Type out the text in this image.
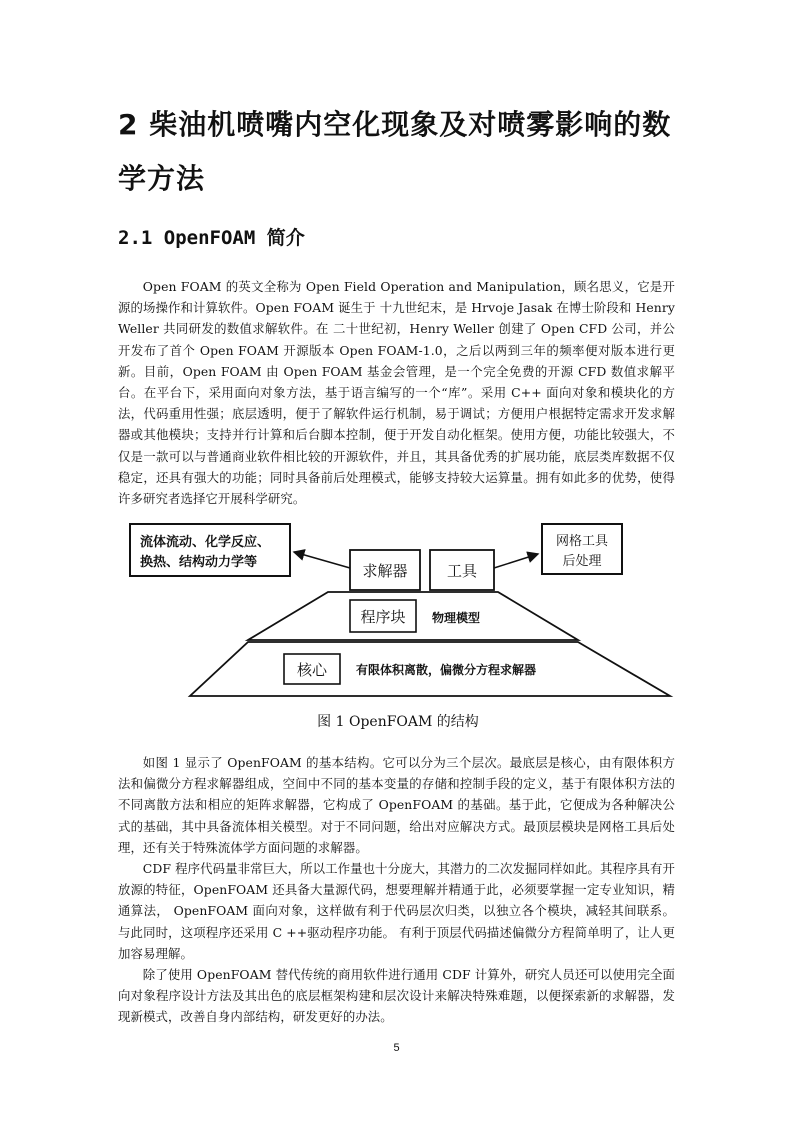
2 柴油机喷嘴内空化现象及对喷雾影响的数学方法
2.1 OpenFOAM 简介

Open FOAM 的英文全称为 Open Field Operation and Manipulation，顾名思义，它是开源的场操作和计算软件。Open FOAM 诞生于 十九世纪末，是 Hrvoje Jasak 在博士阶段和 Henry Weller 共同研发的数值求解软件。在 二十世纪初，Henry Weller 创建了 Open CFD 公司，并公开发布了首个 Open FOAM 开源版本 Open FOAM-1.0，之后以两到三年的频率便对版本进行更新。目前，Open FOAM 由 Open FOAM 基金会管理，是一个完全免费的开源 CFD 数值求解平台。在平台下，采用面向对象方法，基于语言编写的一个“库”。采用 C++ 面向对象和模块化的方法，代码重用性强；底层透明，便于了解软件运行机制，易于调试；方便用户根据特定需求开发求解器或其他模块；支持并行计算和后台脚本控制，便于开发自动化框架。使用方便，功能比较强大，不仅是一款可以与普通商业软件相比较的开源软件，并且，其具备优秀的扩展功能，底层类库数据不仅稳定，还具有强大的功能；同时具备前后处理模式，能够支持较大运算量。拥有如此多的优势，使得许多研究者选择它开展科学研究。

流体流动、化学反应、
换热、结构动力学等
网格工具
后处理
求解器	工具
程序块 物理模型
核心 有限体积离散，偏微分方程求解器
图 1 OpenFOAM 的结构

如图 1 显示了 OpenFOAM 的基本结构。它可以分为三个层次。最底层是核心，由有限体积方法和偏微分方程求解器组成，空间中不同的基本变量的存储和控制手段的定义，基于有限体积方法的不同离散方法和相应的矩阵求解器，它构成了 OpenFOAM 的基础。基于此，它便成为各种解决公式的基础，其中具备流体相关模型。对于不同问题，给出对应解决方式。最顶层模块是网格工具后处理，还有关于特殊流体学方面问题的求解器。

CDF 程序代码量非常巨大，所以工作量也十分庞大，其潜力的二次发掘同样如此。其程序具有开放源的特征，OpenFOAM 还具备大量源代码，想要理解并精通于此，必须要掌握一定专业知识，精通算法， OpenFOAM 面向对象，这样做有利于代码层次归类，以独立各个模块，减轻其间联系。与此同时，这项程序还采用 C ++驱动程序功能。 有利于顶层代码描述偏微分方程简单明了，让人更加容易理解。

除了使用 OpenFOAM 替代传统的商用软件进行通用 CDF 计算外，研究人员还可以使用完全面向对象程序设计方法及其出色的底层框架构建和层次设计来解决特殊难题，以便探索新的求解器，发现新模式，改善自身内部结构，研发更好的办法。

5
